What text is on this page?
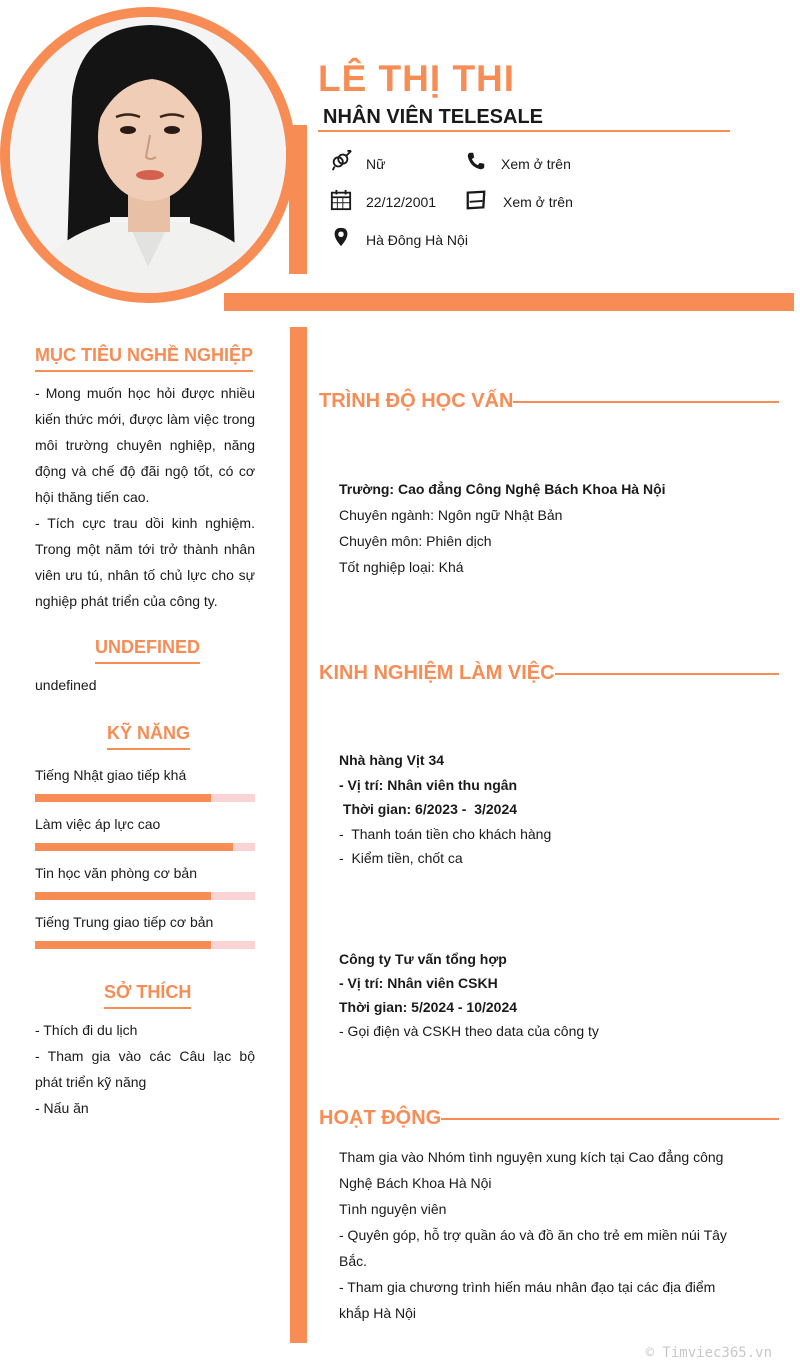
LÊ THỊ THI
NHÂN VIÊN TELESALE
Nữ	Xem ở trên
22/12/2001	Xem ở trên
Hà Đông Hà Nội
MỤC TIÊU NGHỀ NGHIỆP

- Mong muốn học hỏi được nhiều kiến thức mới, được làm việc trong môi trường chuyên nghiệp, năng động và chế độ đãi ngộ tốt, có cơ hội thăng tiến cao.
- Tích cực trau dồi kinh nghiệm. Trong một năm tới trở thành nhân viên ưu tú, nhân tố chủ lực cho sự nghiệp phát triển của công ty.

UNDEFINED
undefined
KỸ NĂNG
Tiếng Nhật giao tiếp khá
Làm việc áp lực cao
Tin học văn phòng cơ bản
Tiếng Trung giao tiếp cơ bản
SỞ THÍCH

- Thích đi du lịch
- Tham gia vào các Câu lạc bộ phát triển kỹ năng
- Nấu ăn

TRÌNH ĐỘ HỌC VẤN

Trường: Cao đẳng Công Nghệ Bách Khoa Hà Nội
Chuyên ngành: Ngôn ngữ Nhật Bản
Chuyên môn: Phiên dịch
Tốt nghiệp loại: Khá

KINH NGHIỆM LÀM VIỆC

Nhà hàng Vịt 34
- Vị trí: Nhân viên thu ngân
Thời gian: 6/2023 -  3/2024
-  Thanh toán tiền cho khách hàng
-  Kiểm tiền, chốt ca

Công ty Tư vấn tổng hợp
- Vị trí: Nhân viên CSKH
Thời gian: 5/2024 - 10/2024
- Gọi điện và CSKH theo data của công ty

HOẠT ĐỘNG

Tham gia vào Nhóm tình nguyện xung kích tại Cao đẳng công Nghệ Bách Khoa Hà Nội
Tình nguyện viên
- Quyên góp, hỗ trợ quần áo và đồ ăn cho trẻ em miền núi Tây Bắc.
- Tham gia chương trình hiến máu nhân đạo tại các địa điểm khắp Hà Nội

© Timviec365.vn
